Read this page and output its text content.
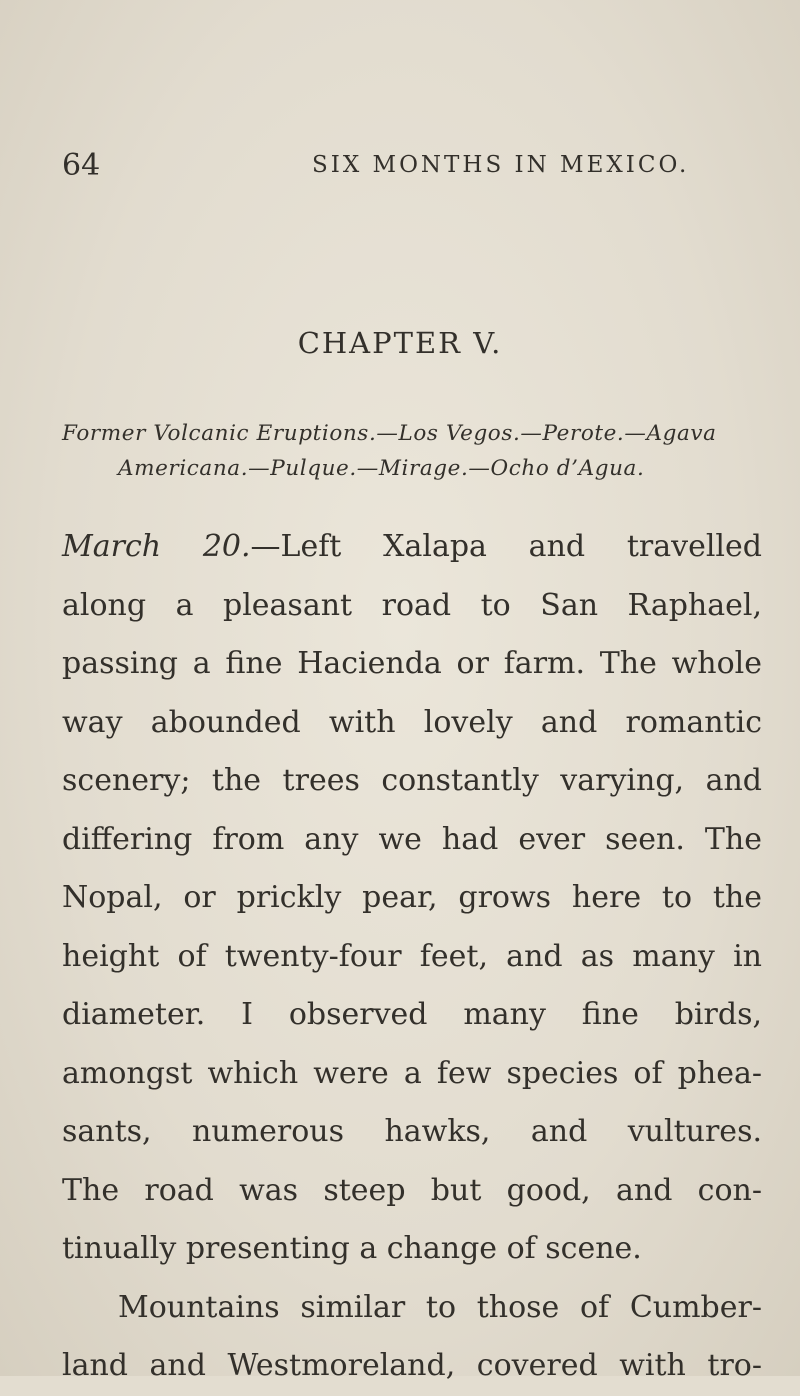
64	SIX MONTHS IN MEXICO.
CHAPTER V.
Former Volcanic Eruptions.—Los Vegos.—Perote.—Agava
Americana.—Pulque.—Mirage.—Ocho d’Agua.
March 20.—Left Xalapa and travelled
along a pleasant road to San Raphael,
passing a fine Hacienda or farm. The whole
way abounded with lovely and romantic
scenery; the trees constantly varying, and
differing from any we had ever seen. The
Nopal, or prickly pear, grows here to the
height of twenty-four feet, and as many in
diameter. I observed many fine birds,
amongst which were a few species of phea-
sants, numerous hawks, and vultures.
The road was steep but good, and con-
tinually presenting a change of scene.
Mountains similar to those of Cumber-
land and Westmoreland, covered with tro-
